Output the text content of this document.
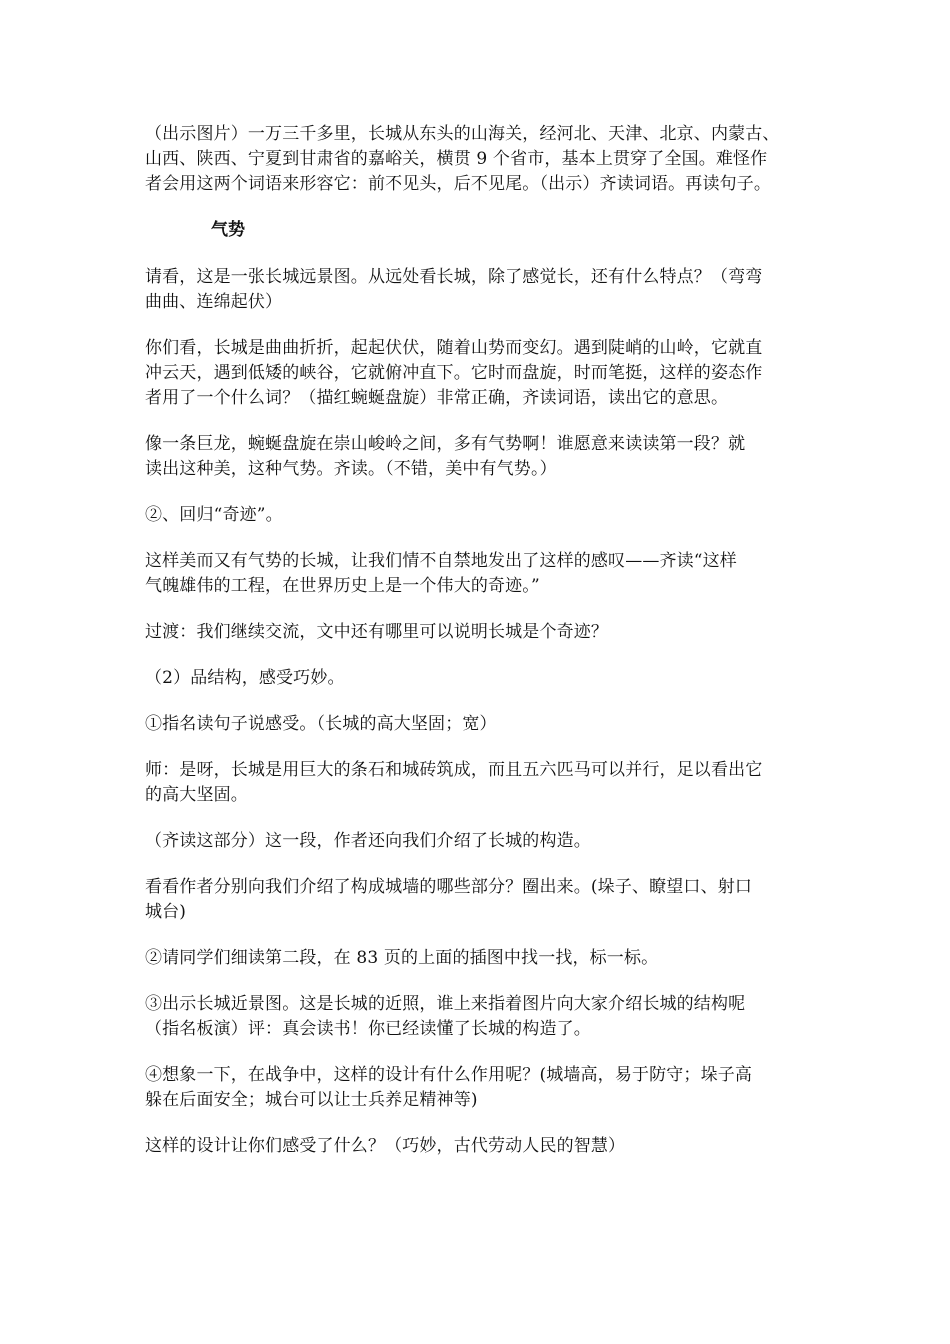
（出示图片）一万三千多里，长城从东头的山海关，经河北、天津、北京、内蒙古、
山西、陕西、宁夏到甘肃省的嘉峪关，横贯 9 个省市，基本上贯穿了全国。难怪作
者会用这两个词语来形容它：前不见头，后不见尾。（出示）齐读词语。再读句子。

气势

请看，这是一张长城远景图。从远处看长城，除了感觉长，还有什么特点？（弯弯
曲曲、连绵起伏）

你们看，长城是曲曲折折，起起伏伏，随着山势而变幻。遇到陡峭的山岭，它就直
冲云天，遇到低矮的峡谷，它就俯冲直下。它时而盘旋，时而笔挺，这样的姿态作
者用了一个什么词？（描红蜿蜒盘旋）非常正确，齐读词语，读出它的意思。

像一条巨龙，蜿蜒盘旋在崇山峻岭之间，多有气势啊！谁愿意来读读第一段？就
读出这种美，这种气势。齐读。（不错，美中有气势。）

②、回归“奇迹”。

这样美而又有气势的长城，让我们情不自禁地发出了这样的感叹——齐读“这样
气魄雄伟的工程，在世界历史上是一个伟大的奇迹。”

过渡：我们继续交流，文中还有哪里可以说明长城是个奇迹？

（2）品结构，感受巧妙。

①指名读句子说感受。（长城的高大坚固；宽）

师：是呀，长城是用巨大的条石和城砖筑成，而且五六匹马可以并行，足以看出它
的高大坚固。

（齐读这部分）这一段，作者还向我们介绍了长城的构造。

看看作者分别向我们介绍了构成城墙的哪些部分？圈出来。(垛子、瞭望口、射口
城台)

②请同学们细读第二段，在 83 页的上面的插图中找一找，标一标。

③出示长城近景图。这是长城的近照，谁上来指着图片向大家介绍长城的结构呢
（指名板演）评：真会读书！你已经读懂了长城的构造了。

④想象一下，在战争中，这样的设计有什么作用呢？(城墙高，易于防守；垛子高
躲在后面安全；城台可以让士兵养足精神等)

这样的设计让你们感受了什么？（巧妙，古代劳动人民的智慧）
